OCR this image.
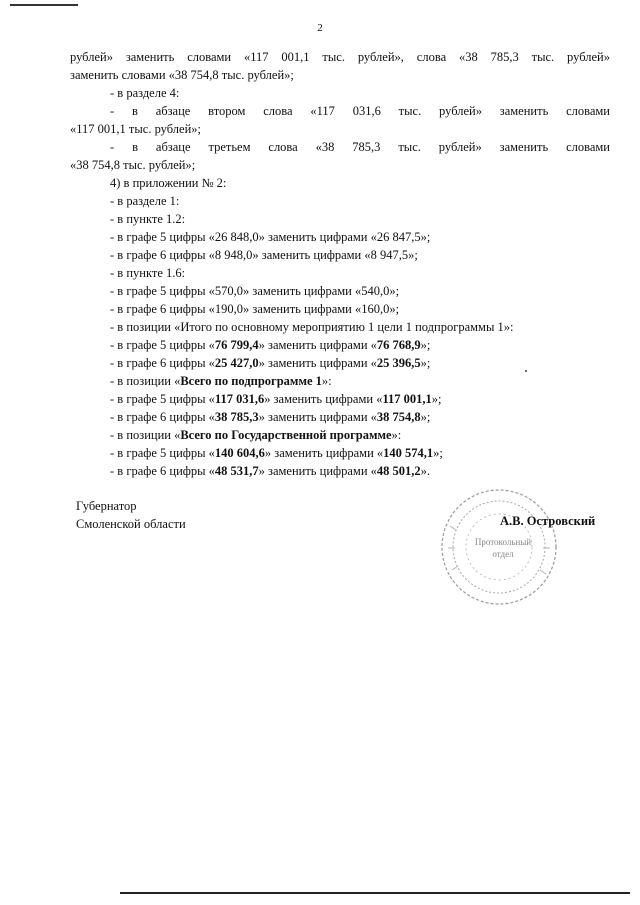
2

рублей» заменить словами «117 001,1 тыс. рублей», слова «38 785,3 тыс. рублей»

заменить словами «38 754,8 тыс. рублей»;

- в разделе 4:

- в абзаце втором слова «117 031,6 тыс. рублей» заменить словами

«117 001,1 тыс. рублей»;

- в абзаце третьем слова «38 785,3 тыс. рублей» заменить словами

«38 754,8 тыс. рублей»;

4) в приложении № 2:

- в разделе 1:

- в пункте 1.2:

- в графе 5 цифры «26 848,0» заменить цифрами «26 847,5»;

- в графе 6 цифры «8 948,0» заменить цифрами «8 947,5»;

- в пункте 1.6:

- в графе 5 цифры «570,0» заменить цифрами «540,0»;

- в графе 6 цифры «190,0» заменить цифрами «160,0»;

- в позиции «Итого по основному мероприятию 1 цели 1 подпрограммы 1»:

- в графе 5 цифры «76 799,4» заменить цифрами «76 768,9»;

- в графе 6 цифры «25 427,0» заменить цифрами «25 396,5»;

- в позиции «Всего по подпрограмме 1»:

- в графе 5 цифры «117 031,6» заменить цифрами «117 001,1»;

- в графе 6 цифры «38 785,3» заменить цифрами «38 754,8»;

- в позиции «Всего по Государственной программе»:

- в графе 5 цифры «140 604,6» заменить цифрами «140 574,1»;

- в графе 6 цифры «48 531,7» заменить цифрами «48 501,2».

Губернатор
Смоленской области
Протокольный
отдел
А.В. Островский
